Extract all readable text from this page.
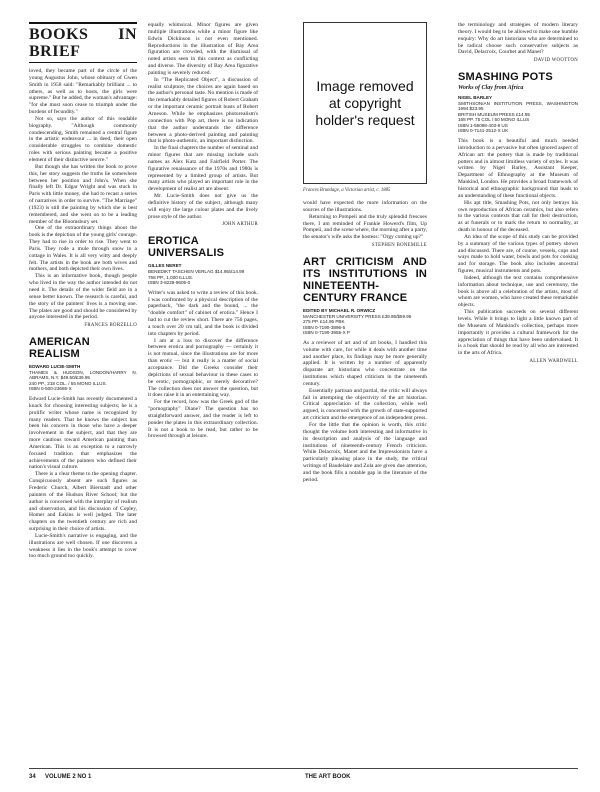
BOOKS IN BRIEF

loved, they became part of the circle of the young Augustus John, whose obituary of Gwen Smith in 1958 said: "Remarkably brilliant ... to others, as well as to hosts, the girls were supreme." But he added, the woman's advantage: "for she must soon cease to triumph under the burdens of fecundity."

Not so, says the author of this readable biography. "Although commonly condescending, Smith remained a central figure in the artistic endeavour ... in deed, their open considerable struggles to combine domestic roles with serious painting became a positive element of their distinctive oeuvre."

But though she has written the book to prove this, her story suggests the truths lie somewhere between her position and John's. When she finally left Dr. Edgar Wright and was stuck in Paris with little money, she had to recast a series of narratives in order to survive. "The Marriage" (1923) is still the painting by which she is best remembered, and she went on to be a leading member of the Bloomsbury set.

One of the extraordinary things about the book is the depiction of the young girls' courage. They had to rise in order to rise. They went to Paris. They rode a mule through snow to a cottage in Wales. It is all very witty and deeply felt. The artists in the book are both wives and mothers, and both depicted their own lives.

This is an informative book, though people who lived in the way the author intended do not need it. The details of the wider field are in a sense better known. The research is careful, and the story of the painters' lives is a moving one. The plates are good and should be considered by anyone interested in the period.

FRANCES BORZELLO
AMERICAN REALISM
EDWARD LUCIE-SMITH
THAMES & HUDSON, LONDON/HARRY N. ABRAMS, N.Y. $49.50/£39.95
240 PP., 218 COL. / 55 MONO ILLUS.
ISBN 0-500-23685-X

Edward Lucie-Smith has recently documented a knack for choosing interesting subjects; he is a prolific writer whose name is recognized by many readers. That he knows the subject has been his concern in those who have a deeper involvement in the subject, and that they are more cautious toward American painting than American. This is an exception to a narrowly focused tradition that emphasizes the achievements of the painters who defined their nation's visual culture.

There is a clear theme to the opening chapter. Conspicuously absent are such figures as Frederic Church, Albert Bierstadt and other painters of the Hudson River School; but the author is concerned with the interplay of realism and observation, and his discussion of Copley, Homer and Eakins is well judged. The later chapters on the twentieth century are rich and surprising in their choice of artists.

Lucie-Smith's narrative is engaging, and the illustrations are well chosen. If one discovers a weakness it lies in the book's attempt to cover too much ground too quickly.

equally whimsical. Minor figures are given multiple illustrations while a minor figure like Edwin Dickinson is not even mentioned. Reproductions in the illustration of Bay Area figuration are crowded, with the dismissal of noted artists seen in this context as conflicting and diverse. The diversity of Bay Area figurative painting is severely reduced.

In "The Replicated Object", a discussion of realist sculpture, the choices are again based on the author's personal taste. No mention is made of the remarkably detailed figures of Robert Graham or the important ceramic portrait busts of Robert Arneson. While he emphasizes photorealism's connection with Pop art, there is no indication that the author understands the difference between a photo-derived painting and painting that is photo-authentic, an important distinction.

In the final chapters the number of seminal and minor figures that are missing include such names as Alex Katz and Fairfield Porter. The figurative renaissance of the 1970s and 1980s is represented by a limited group of artists. But many artists who played an important role in the development of realist art are absent.

Mr. Lucie-Smith does not give us the definitive history of the subject, although many will enjoy the large colour plates and the lively prose style of the author.

JOHN ARTHUR
EROTICA UNIVERSALIS
GILLES NERET
BENEDIKT TASCHEN VERLAG $14.95/£14.99
768 PP., 1,000 ILLUS.
ISBN 3-8228-9605-0

Writer's was asked to write a review of this book. I was confronted by a physical description of the paperback, "the dark and the bound, ... the "double comfort" of cabinet of erotica." Hence I had to cut the review short. There are 756 pages, a touch over 20 cm tall, and the book is divided into chapters by period.

I am at a loss to discover the difference between erotica and pornography — certainly it is not mutual, since the illustrations are for more than erotic — but it really is a matter of social acceptance. Did the Greeks consider their depictions of sexual behaviour in these cases to be erotic, pornographic, or merely decorative? The collection does not answer the question, but it does raise it in an entertaining way.

For the record, how was the Greek god of the "pornography" Diane? The question has no straightforward answer, and the reader is left to ponder the plates in this extraordinary collection. It is not a book to be read, but rather to be browsed through at leisure.

Image removed at copyright holder's request
Frances Brundage, a Victorian artist, c. 1885

would have expected the more information on the sources of the illustrations.

Returning to Pompeii and the truly splendid frescoes there, I am reminded of Frankie Howerd's film, Up Pompeii, and the scene where, the morning after a party, the senator's wife asks the hostess: "Orgy coming up?"

STEPHEN BONEMILLE
ART CRITICISM AND ITS INSTITUTIONS IN NINETEENTH-CENTURY FRANCE
EDITED BY MICHAEL R. ORWICZ
MANCHESTER UNIVERSITY PRESS £39.95/$59.95
275 PP. £14.95 PBK
ISBN 0-7190-3896-5
ISBN 0-7190-3955-X P

As a reviewer of art and of art books, I handled this volume with care, for while it deals with another time and another place, its findings may be more generally applied. It is written by a number of apparently disparate art historians who concentrate on the institutions which shaped criticism in the nineteenth century.

Essentially partisan and partial, the critic will always fail in attempting the objectivity of the art historian. Critical appreciation of the collection, while well argued, is concerned with the growth of state-supported art criticism and the emergence of an independent press.

For the little that the opinion is worth, this critic thought the volume both interesting and informative in its description and analysis of the language and institutions of nineteenth-century French criticism. While Delacroix, Manet and the Impressionists have a particularly pleasing place in the study, the critical writings of Baudelaire and Zola are given due attention, and the book fills a notable gap in the literature of the period.

the terminology and strategies of modern literary theory. I would beg to be allowed to make one humble enquiry: Why do art historians who are determined to be radical choose such conservative subjects as David, Delacroix, Courbet and Manet?

DAVID WOOTTON
SMASHING POTS
Works of Clay from Africa
NIGEL BARLEY
SMITHSONIAN INSTITUTION PRESS, WASHINGTON 1994 $23.95
BRITISH MUSEUM PRESS £14.95
168 PP. 75 COL / 50 MONO ILLUS
ISBN 1-56098-403-8 US
ISBN 0-7141-2512-X UK

This book is a beautiful and much needed introduction to a pervasive but often ignored aspect of African art: the pottery that is made by traditional potters and in almost limitless variety of styles. It was written by Nigel Barley, Assistant Keeper, Department of Ethnography at the Museum of Mankind, London. He provides a broad framework of historical and ethnographic background that leads to an understanding of these functional objects.

His apt title, Smashing Pots, not only betrays his own reproduction of African ceramics, but also refers to the various contexts that call for their destruction, as at funerals or to mark the return to normality, at death in honour of the deceased.

An idea of the scope of this study can be provided by a summary of the various types of pottery shown and discussed. There are, of course, vessels, cups and ways made to hold water, bowls and pots for cooking and for storage. The book also includes ancestral figures, musical instruments and pots.

Indeed, although the text contains comprehensive information about technique, use and ceremony, the book is above all a celebration of the artists, most of whom are women, who have created these remarkable objects.

This publication succeeds on several different levels. While it brings to light a little known part of the Museum of Mankind's collection, perhaps more importantly it provides a cultural framework for the appreciation of things that have been undervalued. It is a book that should be read by all who are interested in the arts of Africa.

ALLEN WARDWELL
34	VOLUME 2 NO 1	THE ART BOOK
